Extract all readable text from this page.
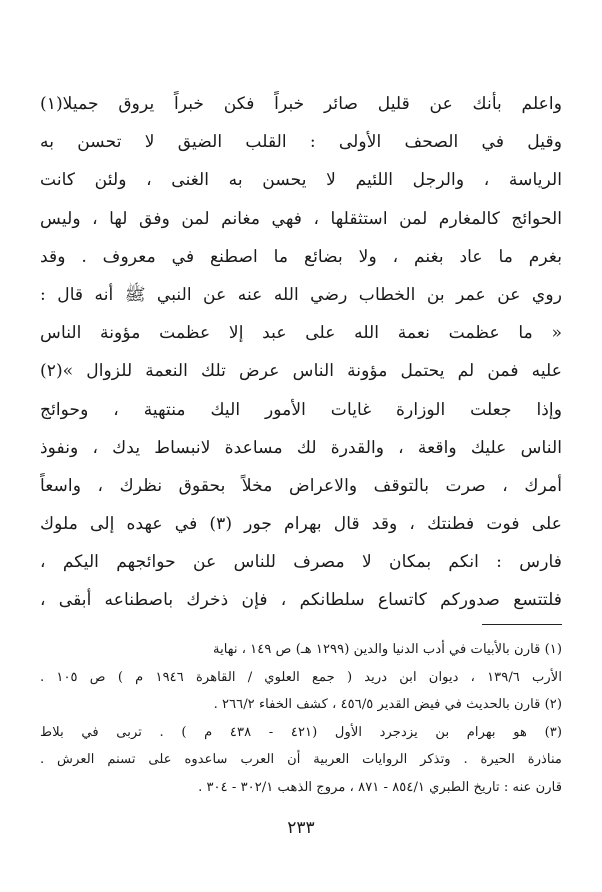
واعلم بأنك عن قليل صائر خبراً فكن خبراً يروق جميلا(١)
وقيل في الصحف الأولى : القلب الضيق لا تحسن به
الرياسة ، والرجل اللئيم لا يحسن به الغنى ، ولئن كانت
الحوائج كالمغارم لمن استثقلها ، فهي مغانم لمن وفق لها ، وليس
بغرم ما عاد بغنم ، ولا بضائع ما اصطنع في معروف . وقد
روي عن عمر بن الخطاب رضي الله عنه عن النبي ﷺ أنه قال :
« ما عظمت نعمة الله على عبد إلا عظمت مؤونة الناس
عليه فمن لم يحتمل مؤونة الناس عرض تلك النعمة للزوال »(٢)
وإذا جعلت الوزارة غايات الأمور اليك منتهية ، وحوائج
الناس عليك واقعة ، والقدرة لك مساعدة لانبساط يدك ، ونفوذ
أمرك ، صرت بالتوقف والاعراض مخلاً بحقوق نظرك ، واسعاً
على فوت فطنتك ، وقد قال بهرام جور (٣) في عهده إلى ملوك
فارس : انكم بمكان لا مصرف للناس عن حوائجهم اليكم ،
فلتتسع صدوركم كاتساع سلطانكم ، فإن ذخرك باصطناعه أبقى ،
(١) قارن بالأبيات في أدب الدنيا والدين (١٢٩٩ هـ) ص ١٤٩ ، نهاية
الأرب ١٣٩/٦ ، ديوان ابن دريد ( جمع العلوي / القاهرة ١٩٤٦ م ) ص ١٠٥ .
(٢) قارن بالحديث في فيض القدير ٤٥٦/٥ ، كشف الخفاء ٢٦٦/٢ .
(٣) هو بهرام بن يزدجرد الأول (٤٢١ - ٤٣٨ م ) . تربى في بلاط
مناذرة الحيرة . وتذكر الروايات العربية أن العرب ساعدوه على تسنم العرش .
قارن عنه : تاريخ الطبري ٨٥٤/١ - ٨٧١ ، مروج الذهب ٣٠٢/١ - ٣٠٤ .
٢٣٣
